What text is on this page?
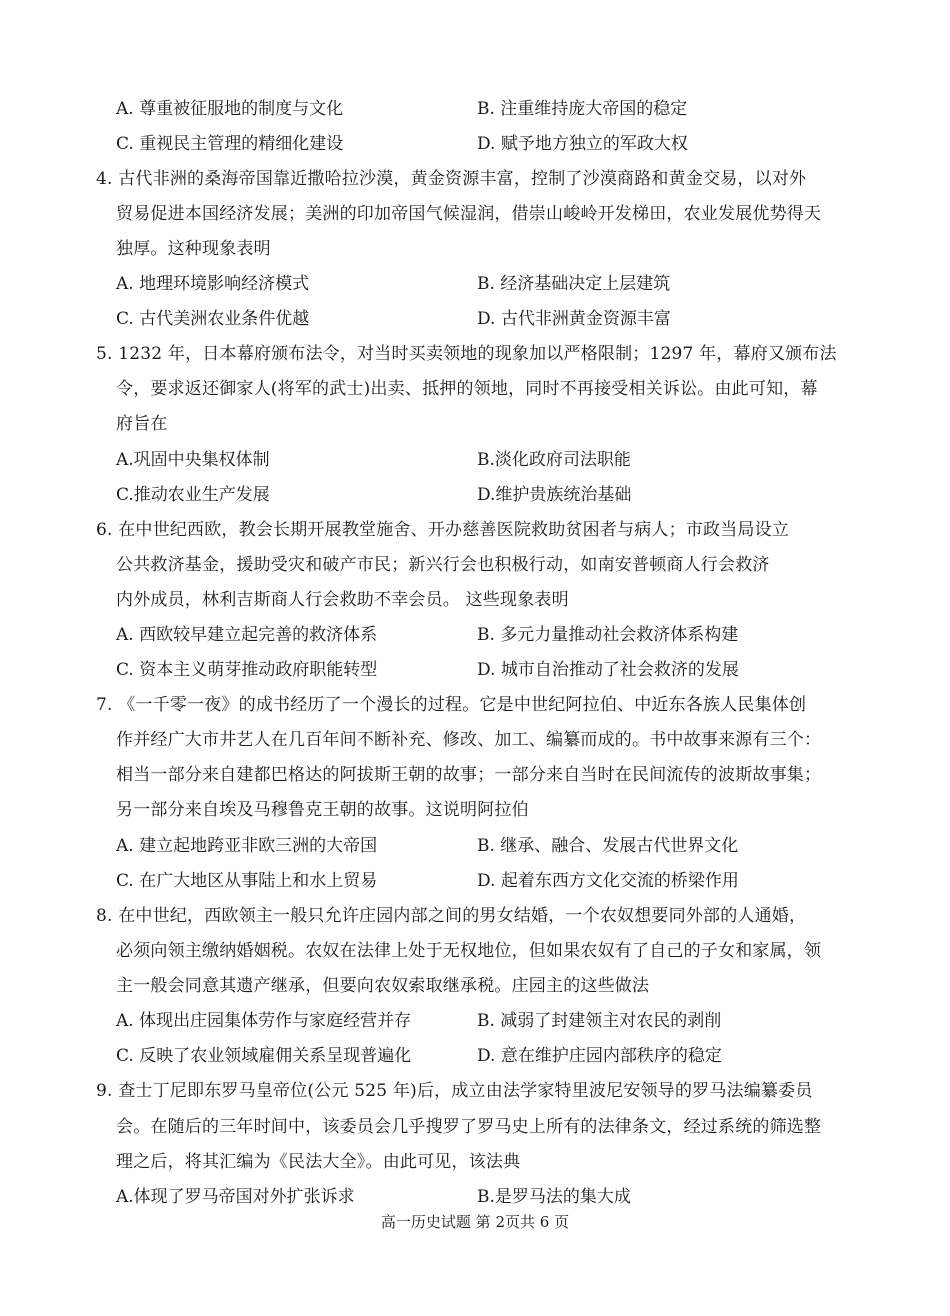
A. 尊重被征服地的制度与文化	B. 注重维持庞大帝国的稳定
C. 重视民主管理的精细化建设	D. 赋予地方独立的军政大权
4. 古代非洲的桑海帝国靠近撒哈拉沙漠，黄金资源丰富，控制了沙漠商路和黄金交易，以对外
贸易促进本国经济发展；美洲的印加帝国气候湿润，借崇山峻岭开发梯田，农业发展优势得天
独厚。这种现象表明
A. 地理环境影响经济模式	B. 经济基础决定上层建筑
C. 古代美洲农业条件优越	D. 古代非洲黄金资源丰富
5. 1232 年，日本幕府颁布法令，对当时买卖领地的现象加以严格限制；1297 年，幕府又颁布法
令，要求返还御家人(将军的武士)出卖、抵押的领地，同时不再接受相关诉讼。由此可知，幕
府旨在
A.巩固中央集权体制	B.淡化政府司法职能
C.推动农业生产发展	D.维护贵族统治基础
6. 在中世纪西欧，教会长期开展教堂施舍、开办慈善医院救助贫困者与病人；市政当局设立
公共救济基金，援助受灾和破产市民；新兴行会也积极行动，如南安普顿商人行会救济
内外成员，林利吉斯商人行会救助不幸会员。 这些现象表明
A. 西欧较早建立起完善的救济体系	B. 多元力量推动社会救济体系构建
C. 资本主义萌芽推动政府职能转型	D. 城市自治推动了社会救济的发展
7. 《一千零一夜》的成书经历了一个漫长的过程。它是中世纪阿拉伯、中近东各族人民集体创
作并经广大市井艺人在几百年间不断补充、修改、加工、编纂而成的。书中故事来源有三个：
相当一部分来自建都巴格达的阿拔斯王朝的故事；一部分来自当时在民间流传的波斯故事集；
另一部分来自埃及马穆鲁克王朝的故事。这说明阿拉伯
A. 建立起地跨亚非欧三洲的大帝国	B. 继承、融合、发展古代世界文化
C. 在广大地区从事陆上和水上贸易	D. 起着东西方文化交流的桥梁作用
8. 在中世纪，西欧领主一般只允许庄园内部之间的男女结婚，一个农奴想要同外部的人通婚，
必须向领主缴纳婚姻税。农奴在法律上处于无权地位，但如果农奴有了自己的子女和家属，领
主一般会同意其遗产继承，但要向农奴索取继承税。庄园主的这些做法
A. 体现出庄园集体劳作与家庭经营并存	B. 减弱了封建领主对农民的剥削
C. 反映了农业领域雇佣关系呈现普遍化	D. 意在维护庄园内部秩序的稳定
9. 查士丁尼即东罗马皇帝位(公元 525 年)后，成立由法学家特里波尼安领导的罗马法编纂委员
会。在随后的三年时间中，该委员会几乎搜罗了罗马史上所有的法律条文，经过系统的筛选整
理之后，将其汇编为《民法大全》。由此可见，该法典
A.体现了罗马帝国对外扩张诉求	B.是罗马法的集大成
高一历史试题 第 2页共 6 页
